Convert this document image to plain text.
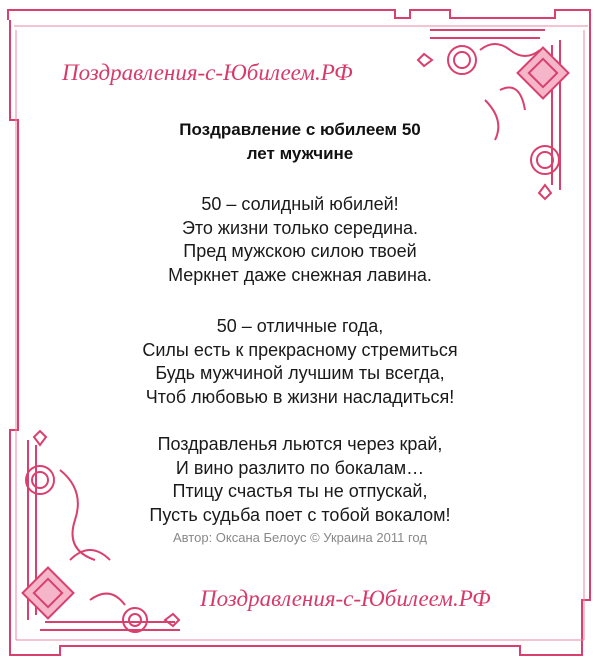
Поздравления-с-Юбилеем.РФ
Поздравление с юбилеем 50
лет мужчине
50 – солидный юбилей!
Это жизни только середина.
Пред мужскою силою твоей
Меркнет даже снежная лавина.
50 – отличные года,
Силы есть к прекрасному стремиться
Будь мужчиной лучшим ты всегда,
Чтоб любовью в жизни насладиться!
Поздравленья льются через край,
И вино разлито по бокалам…
Птицу счастья ты не отпускай,
Пусть судьба поет с тобой вокалом!
Автор: Оксана Белоус © Украина 2011 год
Поздравления-с-Юбилеем.РФ
